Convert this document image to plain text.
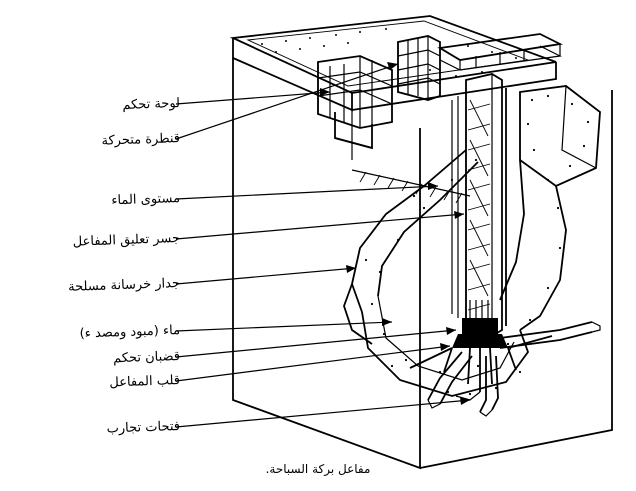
لوحة تحكم
قنطرة متحركة
مستوى الماء
جسر تعليق المفاعل
جدار خرسانة مسلحة
ماء (مبود ومصد ء)
قضبان تحكم
قلب المفاعل
فتحات تجارب
مفاعل بركة السباحة.
